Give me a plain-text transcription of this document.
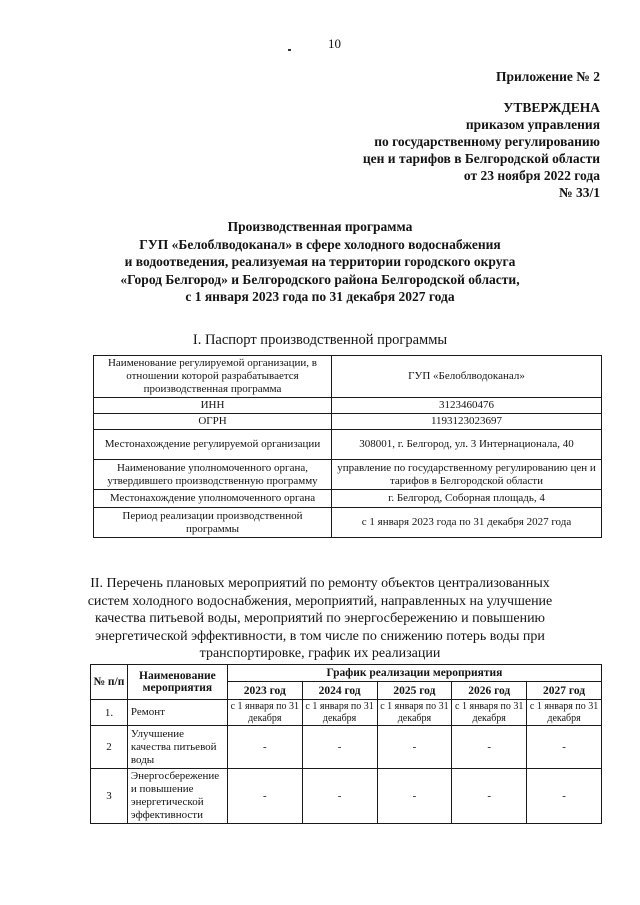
10
Приложение № 2
УТВЕРЖДЕНА
приказом управления
по государственному регулированию
цен и тарифов в Белгородской области
от 23 ноября 2022 года
№ 33/1
Производственная программа
ГУП «Белоблводоканал» в сфере холодного водоснабжения
и водоотведения, реализуемая на территории городского округа
«Город Белгород» и Белгородского района Белгородской области,
с 1 января 2023 года по 31 декабря 2027 года
I. Паспорт производственной программы
Наименование регулируемой организации, в отношении которой разрабатывается производственная программа	ГУП «Белоблводоканал»
ИНН	3123460476
ОГРН	1193123023697
Местонахождение регулируемой организации	308001, г. Белгород, ул. 3 Интернационала, 40
Наименование уполномоченного органа, утвердившего производственную программу	управление по государственному регулированию цен и тарифов в Белгородской области
Местонахождение уполномоченного органа	г. Белгород, Соборная площадь, 4
Период реализации производственной программы	с 1 января 2023 года по 31 декабря 2027 года
II. Перечень плановых мероприятий по ремонту объектов централизованных
систем холодного водоснабжения, мероприятий, направленных на улучшение
качества питьевой воды, мероприятий по энергосбережению и повышению
энергетической эффективности, в том числе по снижению потерь воды при
транспортировке, график их реализации
№ п/п	Наименование мероприятия	График реализации мероприятия				
		2023 год	2024 год	2025 год	2026 год	2027 год
1.	Ремонт	с 1 января по 31 декабря	с 1 января по 31 декабря	с 1 января по 31 декабря	с 1 января по 31 декабря	с 1 января по 31 декабря
2	Улучшение качества питьевой воды	-	-	-	-	-
3	Энергосбережение и повышение энергетической эффективности	-	-	-	-	-
